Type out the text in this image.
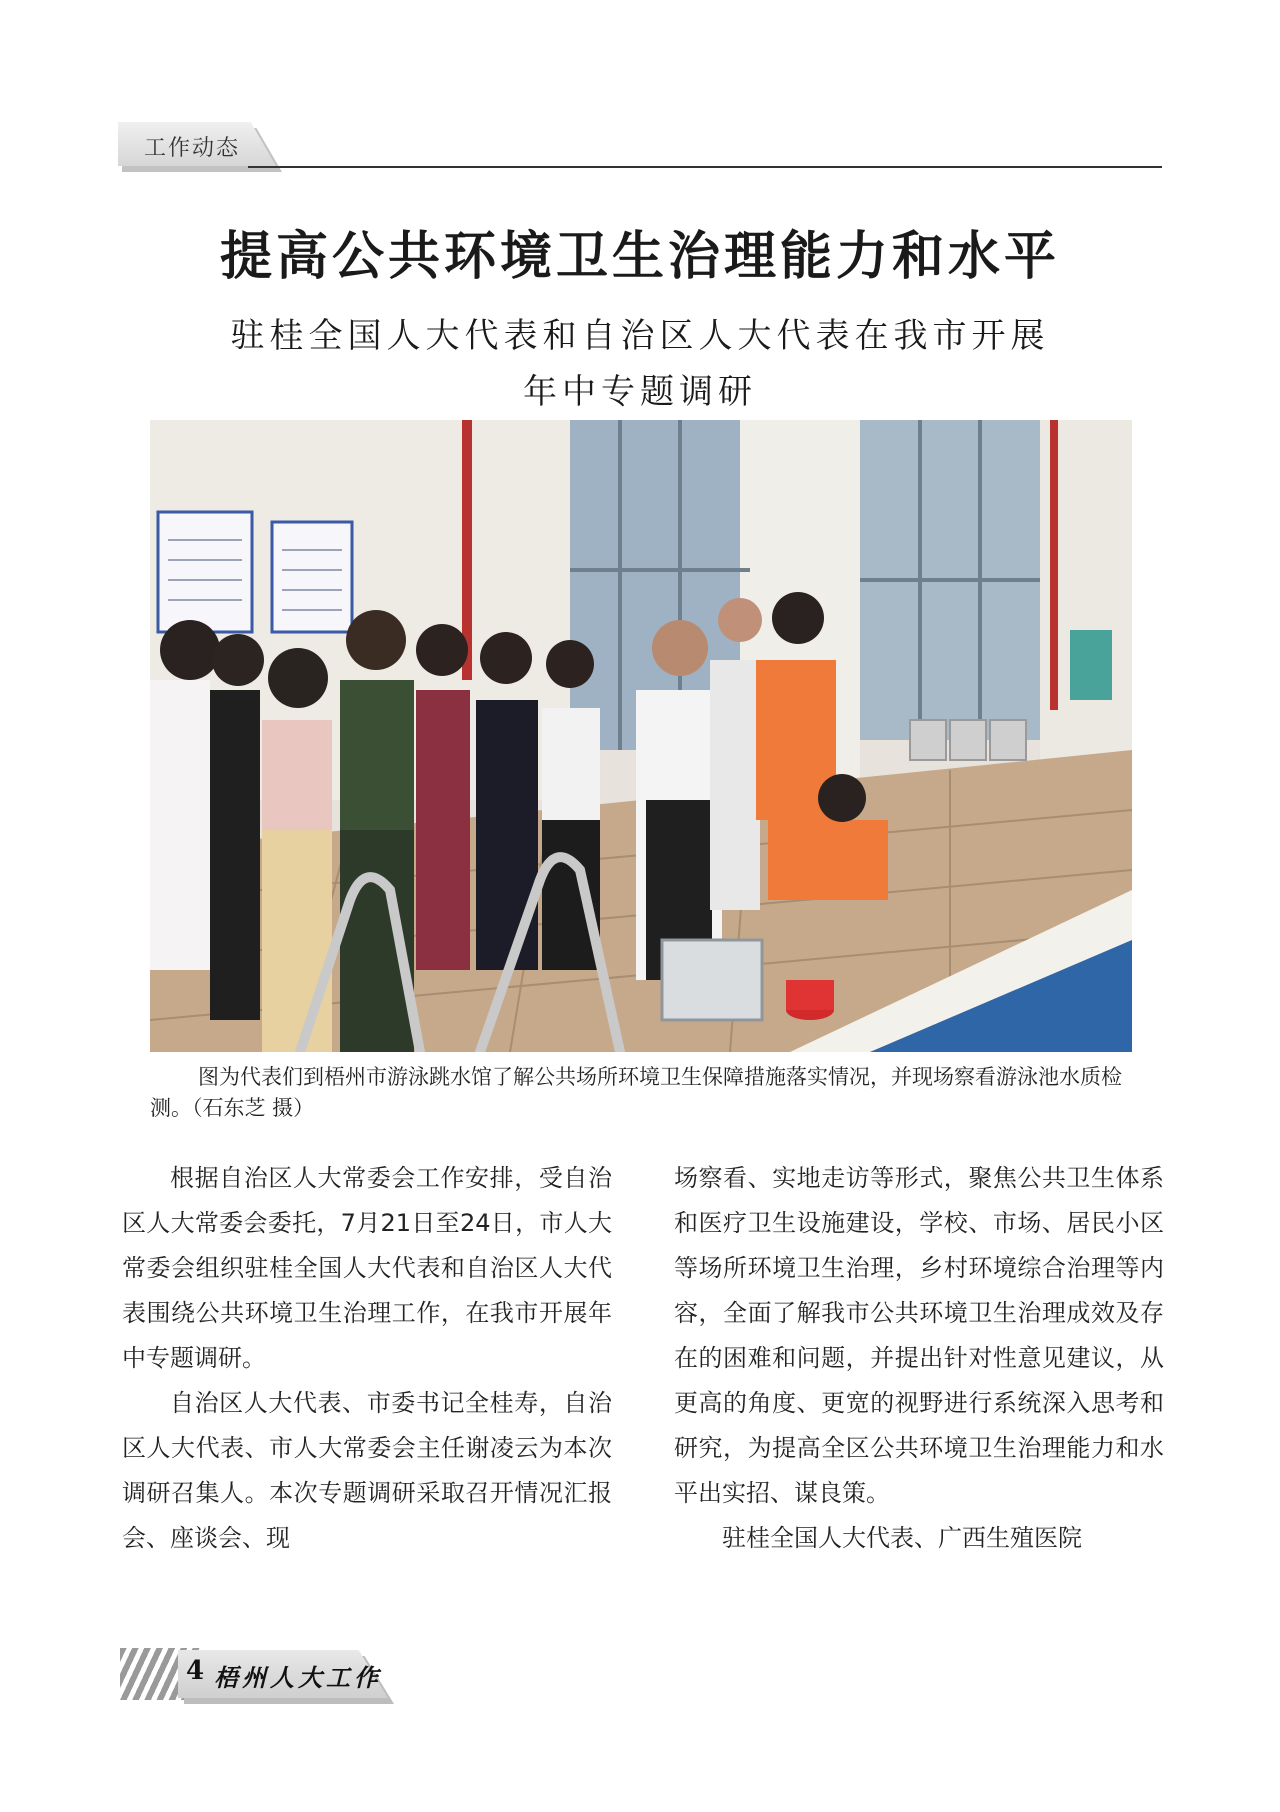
工作动态
提高公共环境卫生治理能力和水平
驻桂全国人大代表和自治区人大代表在我市开展
年中专题调研
图为代表们到梧州市游泳跳水馆了解公共场所环境卫生保障措施落实情况，并现场察看游泳池水质检测。（石东芝 摄）

根据自治区人大常委会工作安排，受自治区人大常委会委托，7月21日至24日，市人大常委会组织驻桂全国人大代表和自治区人大代表围绕公共环境卫生治理工作，在我市开展年中专题调研。

自治区人大代表、市委书记全桂寿，自治区人大代表、市人大常委会主任谢凌云为本次调研召集人。本次专题调研采取召开情况汇报会、座谈会、现

场察看、实地走访等形式，聚焦公共卫生体系和医疗卫生设施建设，学校、市场、居民小区等场所环境卫生治理，乡村环境综合治理等内容，全面了解我市公共环境卫生治理成效及存在的困难和问题，并提出针对性意见建议，从更高的角度、更宽的视野进行系统深入思考和研究，为提高全区公共环境卫生治理能力和水平出实招、谋良策。

驻桂全国人大代表、广西生殖医院

4 梧州人大工作
